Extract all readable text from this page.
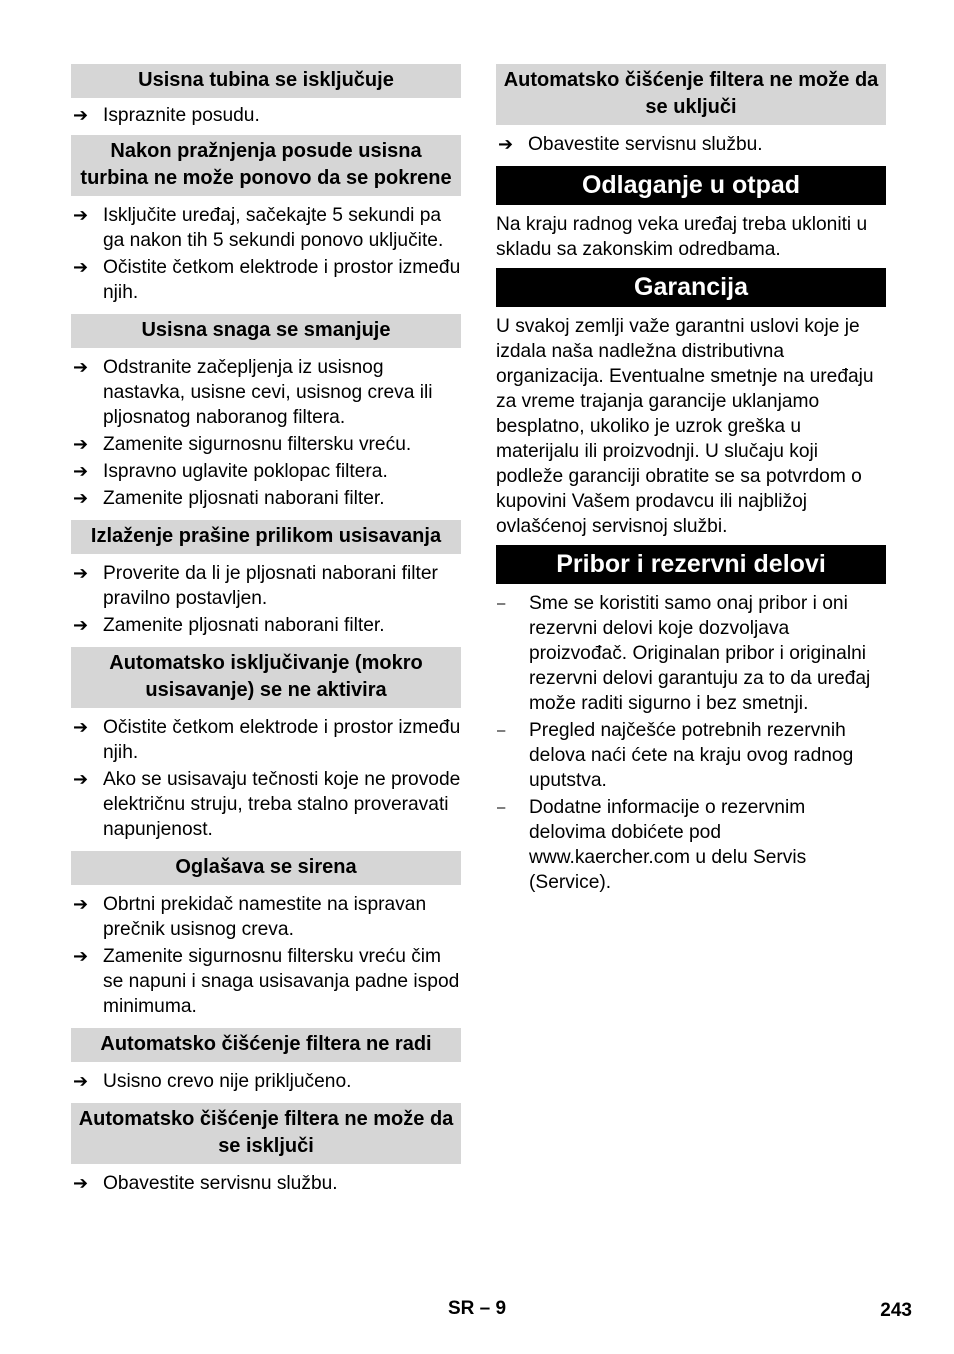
Usisna tubina se isključuje
➔ Ispraznite posudu.
Nakon pražnjenja posude usisna turbina ne može ponovo da se pokrene
➔ Isključite uređaj, sačekajte 5 sekundi pa ga nakon tih 5 sekundi ponovo uključite.
➔ Očistite četkom elektrode i prostor između njih.
Usisna snaga se smanjuje
➔ Odstranite začepljenja iz usisnog nastavka, usisne cevi, usisnog creva ili pljosnatog naboranog filtera.
➔ Zamenite sigurnosnu filtersku vreću.
➔ Ispravno uglavite poklopac filtera.
➔ Zamenite pljosnati naborani filter.
Izlaženje prašine prilikom usisavanja
➔ Proverite da li je pljosnati naborani filter pravilno postavljen.
➔ Zamenite pljosnati naborani filter.
Automatsko isključivanje (mokro usisavanje) se ne aktivira
➔ Očistite četkom elektrode i prostor između njih.
➔ Ako se usisavaju tečnosti koje ne provode električnu struju, treba stalno proveravati napunjenost.
Oglašava se sirena
➔ Obrtni prekidač namestite na ispravan prečnik usisnog creva.
➔ Zamenite sigurnosnu filtersku vreću čim se napuni i snaga usisavanja padne ispod minimuma.
Automatsko čišćenje filtera ne radi
➔ Usisno crevo nije priključeno.
Automatsko čišćenje filtera ne može da se isključi
➔ Obavestite servisnu službu.
Automatsko čišćenje filtera ne može da se uključi
➔ Obavestite servisnu službu.
Odlaganje u otpad

Na kraju radnog veka uređaj treba ukloniti u skladu sa zakonskim odredbama.

Garancija

U svakoj zemlji važe garantni uslovi koje je izdala naša nadležna distributivna organizacija. Eventualne smetnje na uređaju za vreme trajanja garancije uklanjamo besplatno, ukoliko je uzrok greška u materijalu ili proizvodnji. U slučaju koji podleže garanciji obratite se sa potvrdom o kupovini Vašem prodavcu ili najbližoj ovlašćenoj servisnoj službi.

Pribor i rezervni delovi
– Sme se koristiti samo onaj pribor i oni rezervni delovi koje dozvoljava proizvođač. Originalan pribor i originalni rezervni delovi garantuju za to da uređaj može raditi sigurno i bez smetnji.
– Pregled najčešće potrebnih rezervnih delova naći ćete na kraju ovog radnog uputstva.
– Dodatne informacije o rezervnim delovima dobićete pod www.kaercher.com u delu Servis (Service).
SR – 9	243
